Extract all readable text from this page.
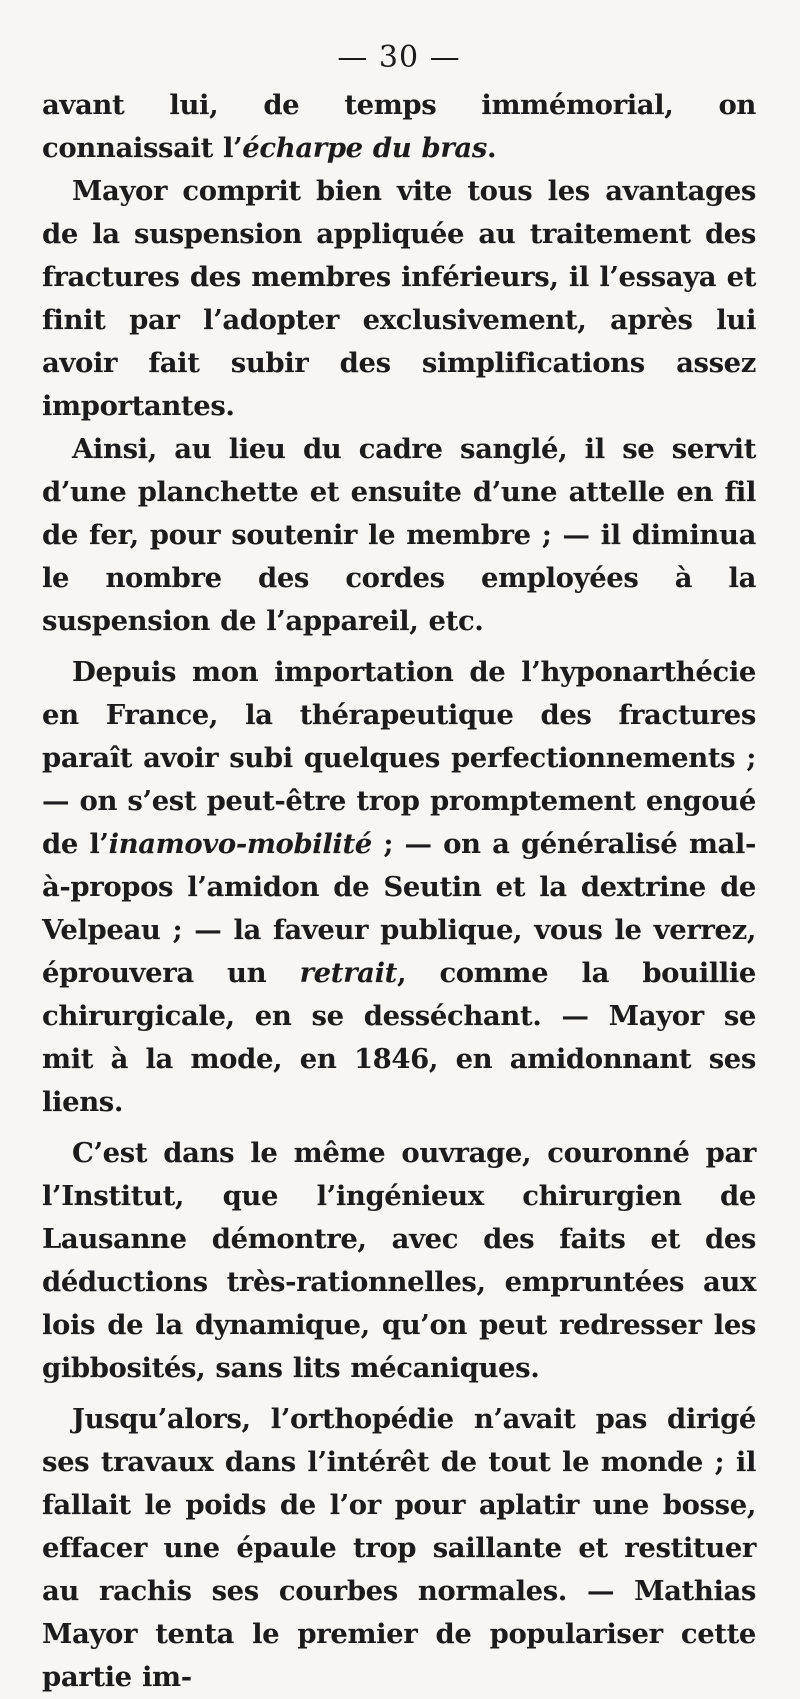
— 30 —

avant lui, de temps immémorial, on connaissait l’écharpe du bras.

Mayor comprit bien vite tous les avantages de la suspension appliquée au traitement des fractures des membres inférieurs, il l’essaya et finit par l’adopter exclusivement, après lui avoir fait subir des simplifications assez importantes.

Ainsi, au lieu du cadre sanglé, il se servit d’une planchette et ensuite d’une attelle en fil de fer, pour soutenir le membre ; — il diminua le nombre des cordes employées à la suspension de l’appareil, etc.

Depuis mon importation de l’hyponarthécie en France, la thérapeutique des fractures paraît avoir subi quelques perfectionnements ; — on s’est peut-être trop promptement engoué de l’inamovo-mobilité ; — on a généralisé mal-à-propos l’amidon de Seutin et la dextrine de Velpeau ; — la faveur publique, vous le verrez, éprouvera un retrait, comme la bouillie chirurgicale, en se desséchant. — Mayor se mit à la mode, en 1846, en amidonnant ses liens.

C’est dans le même ouvrage, couronné par l’Institut, que l’ingénieux chirurgien de Lausanne démontre, avec des faits et des déductions très-rationnelles, empruntées aux lois de la dynamique, qu’on peut redresser les gibbosités, sans lits mécaniques.

Jusqu’alors, l’orthopédie n’avait pas dirigé ses travaux dans l’intérêt de tout le monde ; il fallait le poids de l’or pour aplatir une bosse, effacer une épaule trop saillante et restituer au rachis ses courbes normales. — Mathias Mayor tenta le premier de populariser cette partie im-
